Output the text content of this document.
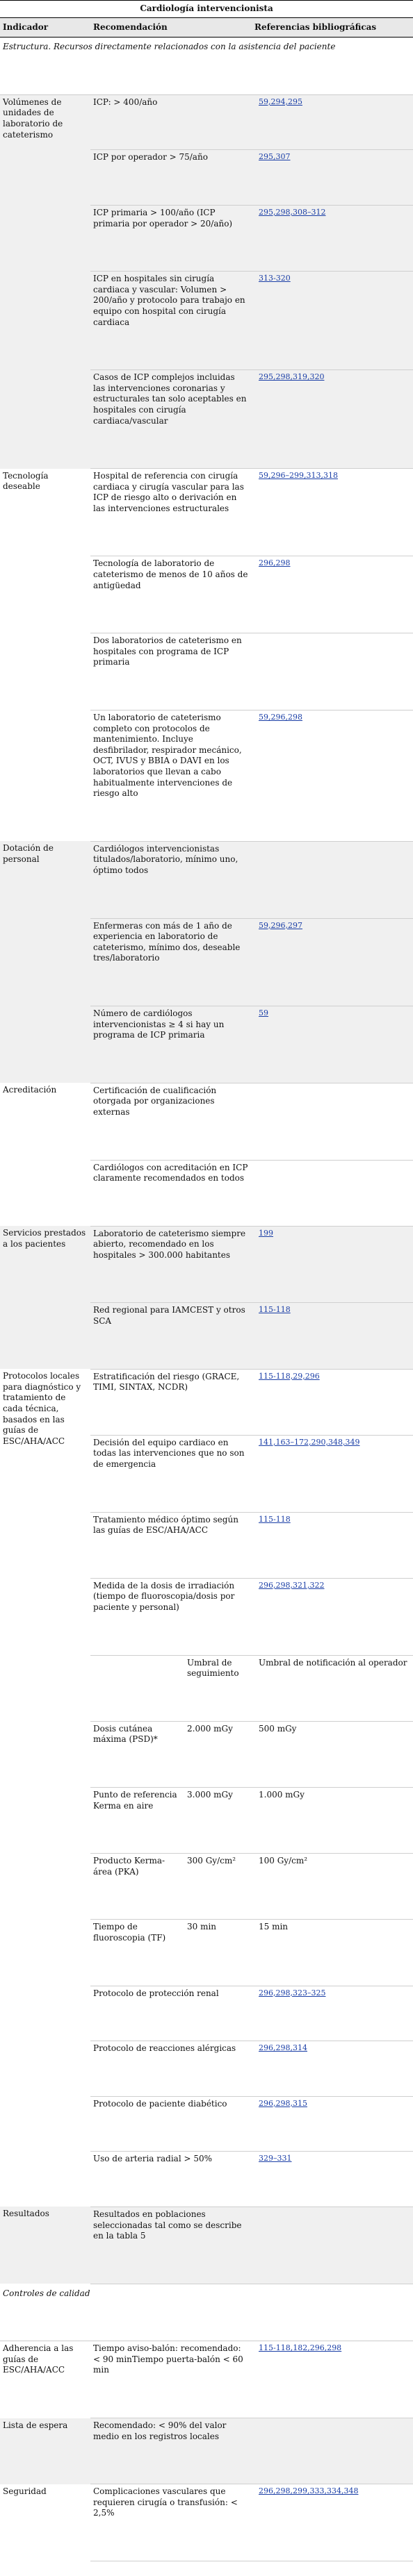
Cardiología intervencionista			
Indicador	Recomendación		Referencias bibliográficas
Estructura. Recursos directamente relacionados con la asistencia del paciente			
Volúmenes de unidades de laboratorio de cateterismo	ICP: > 400/año		59,294,295
	ICP por operador > 75/año		295,307
	ICP primaria > 100/año (ICP primaria por operador > 20/año)		295,298,308–312
	ICP en hospitales sin cirugía cardiaca y vascular: Volumen > 200/año y protocolo para trabajo en equipo con hospital con cirugía cardiaca		313-320
	Casos de ICP complejos incluidas las intervenciones coronarias y estructurales tan solo aceptables en hospitales con cirugía cardiaca/vascular		295,298,319,320
Tecnología deseable	Hospital de referencia con cirugía cardiaca y cirugía vascular para las ICP de riesgo alto o derivación en las intervenciones estructurales		59,296–299,313,318
	Tecnología de laboratorio de cateterismo de menos de 10 años de antigüedad		296,298
	Dos laboratorios de cateterismo en hospitales con programa de ICP primaria		
	Un laboratorio de cateterismo completo con protocolos de mantenimiento. Incluye desfibrilador, respirador mecánico, OCT, IVUS y BBIA o DAVI en los laboratorios que llevan a cabo habitualmente intervenciones de riesgo alto		59,296,298
Dotación de personal	Cardiólogos intervencionistas titulados/laboratorio, mínimo uno, óptimo todos		
	Enfermeras con más de 1 año de experiencia en laboratorio de cateterismo, mínimo dos, deseable tres/laboratorio		59,296,297
	Número de cardiólogos intervencionistas ≥ 4 si hay un programa de ICP primaria		59
Acreditación	Certificación de cualificación otorgada por organizaciones externas		
	Cardiólogos con acreditación en ICP claramente recomendados en todos		
Servicios prestados a los pacientes	Laboratorio de cateterismo siempre abierto, recomendado en los hospitales > 300.000 habitantes		199
	Red regional para IAMCEST y otros SCA		115-118
Protocolos locales para diagnóstico y tratamiento de cada técnica, basados en las guías de ESC/AHA/ACC	Estratificación del riesgo (GRACE, TIMI, SINTAX, NCDR)		115-118,29,296
	Decisión del equipo cardiaco en todas las intervenciones que no son de emergencia		141,163–172,290,348,349
	Tratamiento médico óptimo según las guías de ESC/AHA/ACC		115-118
	Medida de la dosis de irradiación (tiempo de fluoroscopia/dosis por paciente y personal)		296,298,321,322
		Umbral de seguimiento	Umbral de notificación al operador
	Dosis cutánea máxima (PSD)*	2.000 mGy	500 mGy
	Punto de referencia Kerma en aire	3.000 mGy	1.000 mGy
	Producto Kerma-área (PKA)	300 Gy/cm²	100 Gy/cm²
	Tiempo de fluoroscopia (TF)	30 min	15 min
	Protocolo de protección renal		296,298,323–325
	Protocolo de reacciones alérgicas		296,298,314
	Protocolo de paciente diabético		296,298,315
	Uso de arteria radial > 50%		329–331
Resultados	Resultados en poblaciones seleccionadas tal como se describe en la tabla 5		
Controles de calidad			
Adherencia a las guías de ESC/AHA/ACC	Tiempo aviso-balón: recomendado: < 90 minTiempo puerta-balón < 60 min		115-118,182,296,298
Lista de espera	Recomendado: < 90% del valor medio en los registros locales		
Seguridad	Complicaciones vasculares que requieren cirugía o transfusión: < 2,5%		296,298,299,333,334,348
